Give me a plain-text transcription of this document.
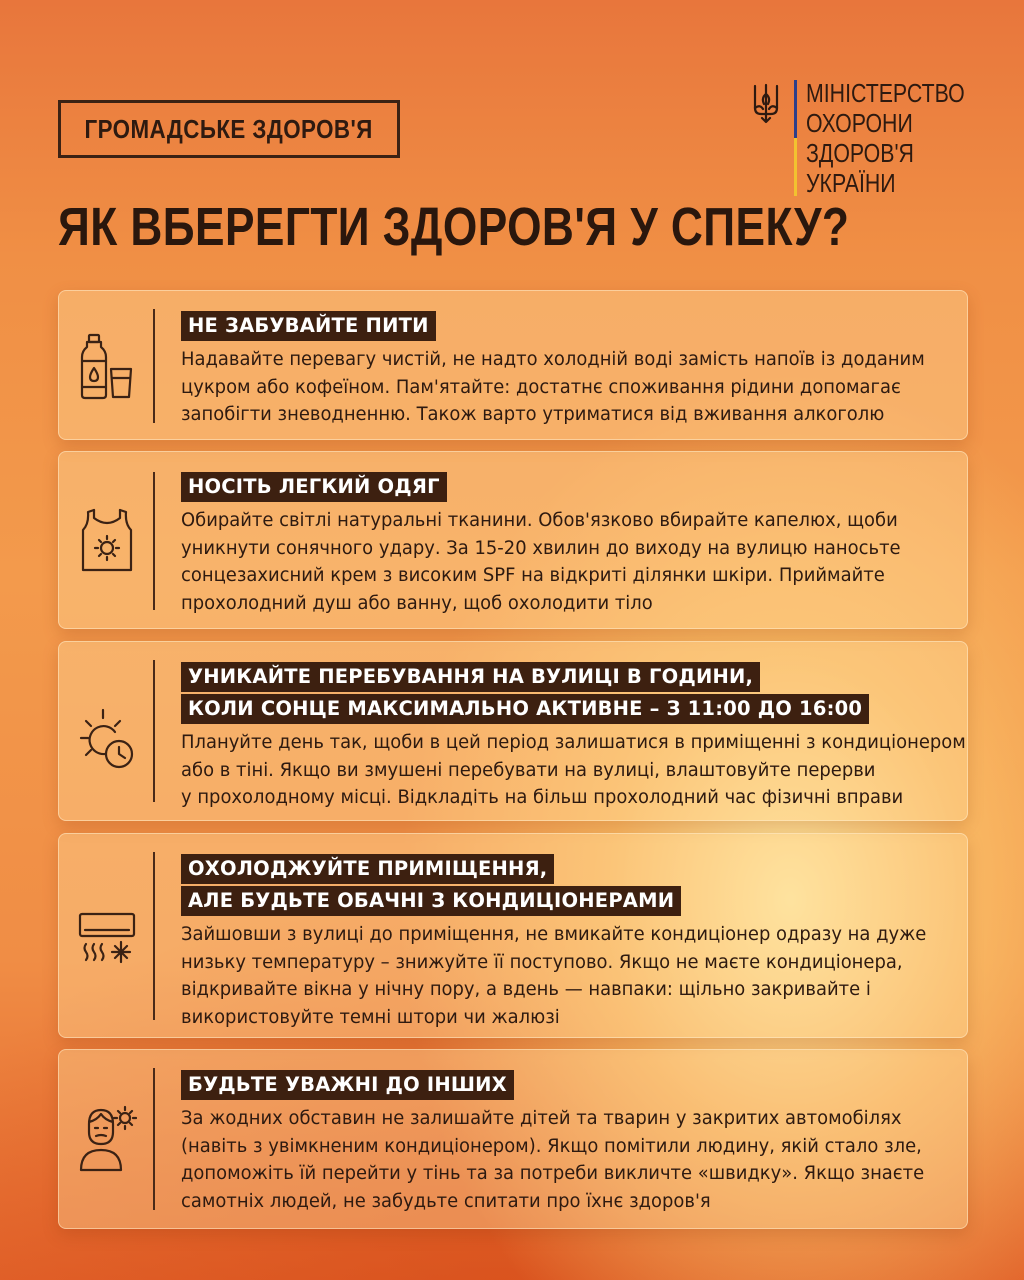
ГРОМАДСЬКЕ ЗДОРОВ'Я
МІНІСТЕРСТВО
ОХОРОНИ
ЗДОРОВ'Я
УКРАЇНИ
ЯК ВБЕРЕГТИ ЗДОРОВ'Я У СПЕКУ?
НЕ ЗАБУВАЙТЕ ПИТИ
Надавайте перевагу чистій, не надто холодній воді замість напоїв із доданим
цукром або кофеїном. Пам'ятайте: достатнє споживання рідини допомагає
запобігти зневодненню. Також варто утриматися від вживання алкоголю
НОСІТЬ ЛЕГКИЙ ОДЯГ
Обирайте світлі натуральні тканини. Обов'язково вбирайте капелюх, щоби
уникнути сонячного удару. За 15-20 хвилин до виходу на вулицю наносьте
сонцезахисний крем з високим SPF на відкриті ділянки шкіри. Приймайте
прохолодний душ або ванну, щоб охолодити тіло
УНИКАЙТЕ ПЕРЕБУВАННЯ НА ВУЛИЦІ В ГОДИНИ,
КОЛИ СОНЦЕ МАКСИМАЛЬНО АКТИВНЕ – З 11:00 ДО 16:00
Плануйте день так, щоби в цей період залишатися в приміщенні з кондиціонером
або в тіні. Якщо ви змушені перебувати на вулиці, влаштовуйте перерви
у прохолодному місці. Відкладіть на більш прохолодний час фізичні вправи
ОХОЛОДЖУЙТЕ ПРИМІЩЕННЯ,
АЛЕ БУДЬТЕ ОБАЧНІ З КОНДИЦІОНЕРАМИ
Зайшовши з вулиці до приміщення, не вмикайте кондиціонер одразу на дуже
низьку температуру – знижуйте її поступово. Якщо не маєте кондиціонера,
відкривайте вікна у нічну пору, а вдень — навпаки: щільно закривайте і
використовуйте темні штори чи жалюзі
БУДЬТЕ УВАЖНІ ДО ІНШИХ
За жодних обставин не залишайте дітей та тварин у закритих автомобілях
(навіть з увімкненим кондиціонером). Якщо помітили людину, якій стало зле,
допоможіть їй перейти у тінь та за потреби викличте «швидку». Якщо знаєте
самотніх людей, не забудьте спитати про їхнє здоров'я
